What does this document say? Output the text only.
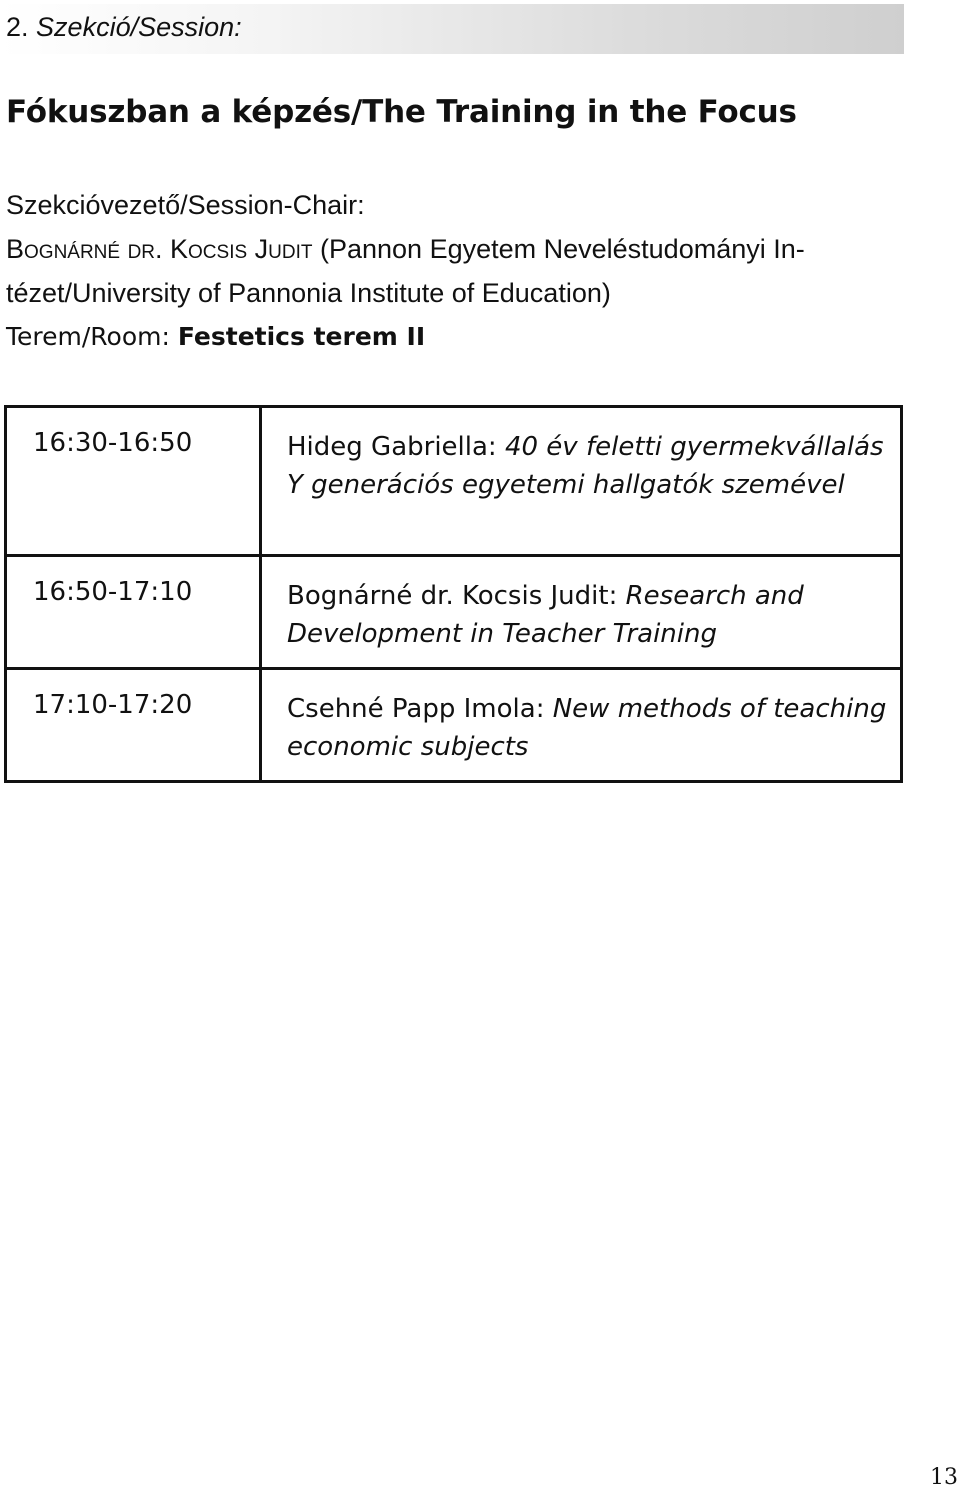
2. Szekció/Session:
Fókuszban a képzés/The Training in the Focus
Szekcióvezető/Session-Chair:
Bognárné dr. Kocsis Judit (Pannon Egyetem Neveléstudományi In-
tézet/University of Pannonia Institute of Education)
Terem/Room: Festetics terem II
16:30-16:50	Hideg Gabriella: 40 év feletti gyermekvállalás Y generációs egyetemi hallgatók szemével

16:50-17:10	Bognárné dr. Kocsis Judit: Research and Development in Teacher Training

17:10-17:20	Csehné Papp Imola: New methods of teaching economic subjects
13
